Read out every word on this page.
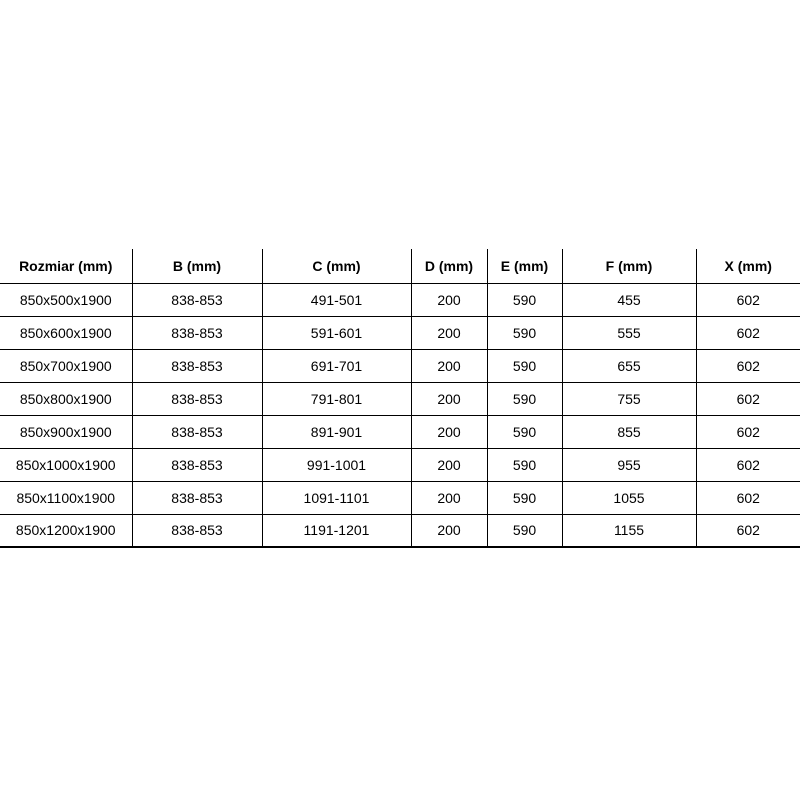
Rozmiar (mm)	B (mm)	C (mm)	D (mm)	E (mm)	F (mm)	X (mm)
850x500x1900	838-853	491-501	200	590	455	602
850x600x1900	838-853	591-601	200	590	555	602
850x700x1900	838-853	691-701	200	590	655	602
850x800x1900	838-853	791-801	200	590	755	602
850x900x1900	838-853	891-901	200	590	855	602
850x1000x1900	838-853	991-1001	200	590	955	602
850x1100x1900	838-853	1091-1101	200	590	1055	602
850x1200x1900	838-853	1191-1201	200	590	1155	602
